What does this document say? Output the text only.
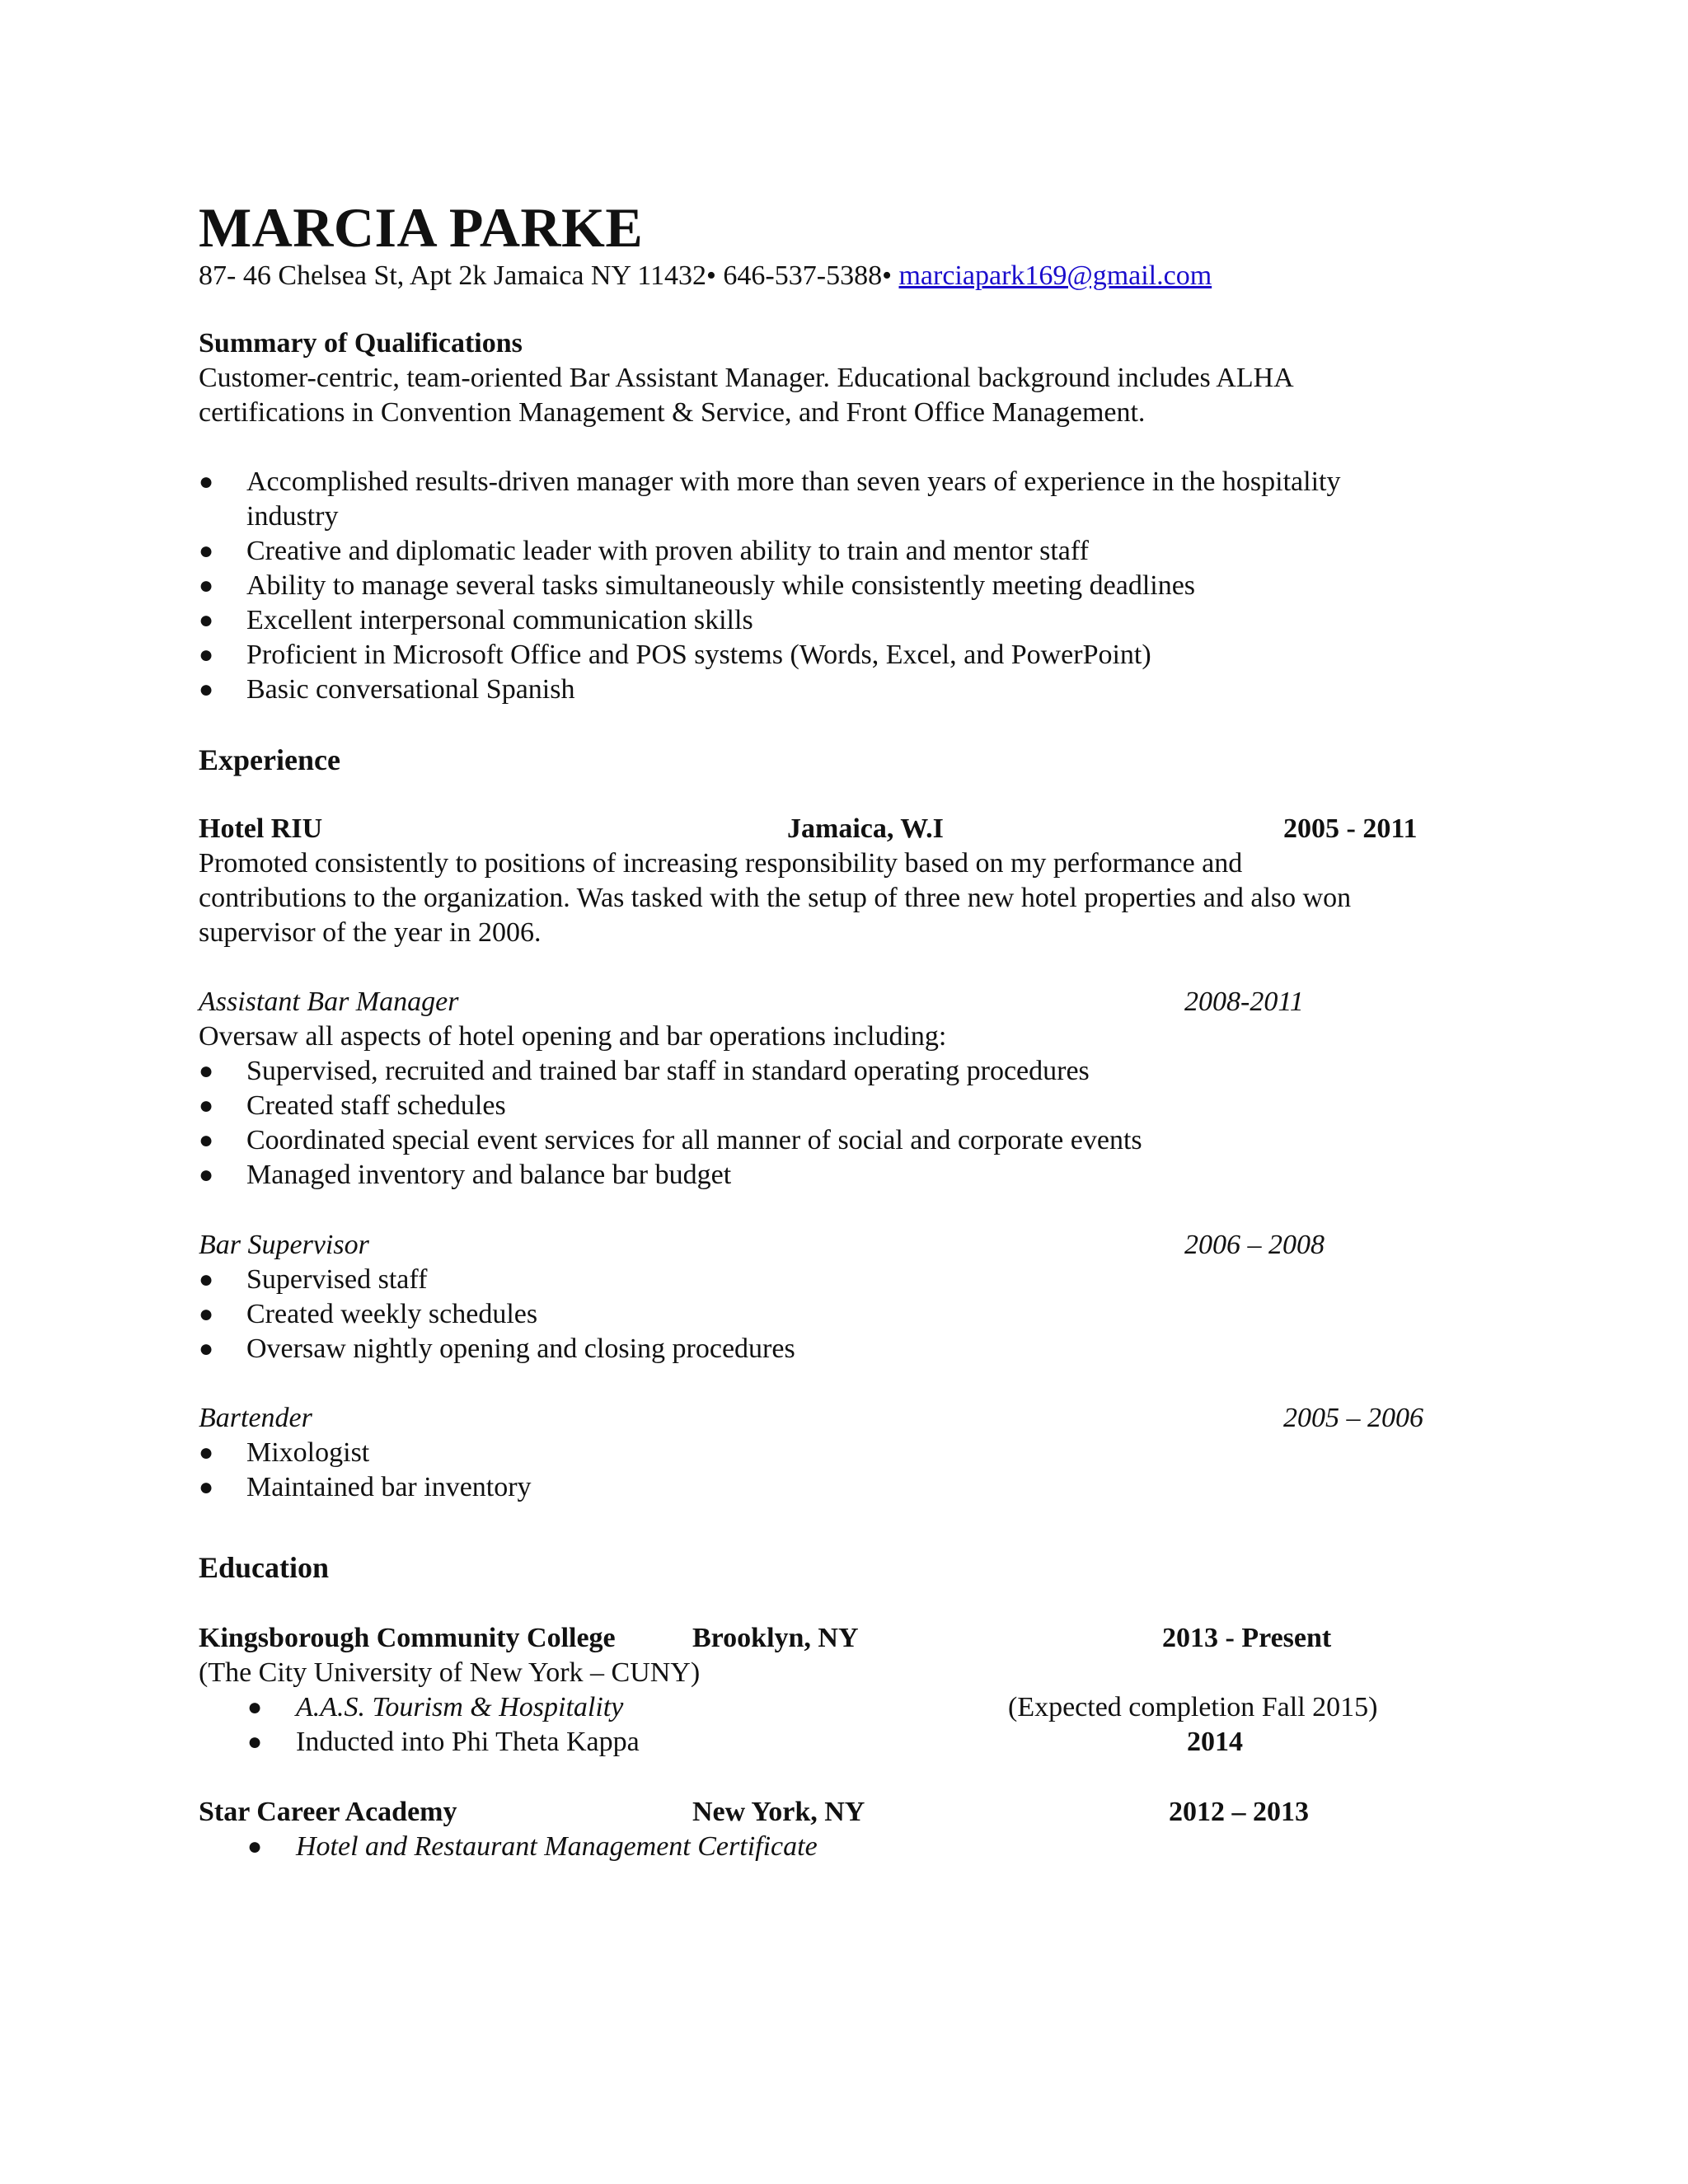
MARCIA PARKE
87- 46 Chelsea St, Apt 2k Jamaica NY 11432• 646-537-5388• marciapark169@gmail.com
Summary of Qualifications
Customer-centric, team-oriented Bar Assistant Manager. Educational background includes ALHA
certifications in Convention Management & Service, and Front Office Management.
● Accomplished results-driven manager with more than seven years of experience in the hospitality
industry
● Creative and diplomatic leader with proven ability to train and mentor staff
● Ability to manage several tasks simultaneously while consistently meeting deadlines
● Excellent interpersonal communication skills
● Proficient in Microsoft Office and POS systems (Words, Excel, and PowerPoint)
● Basic conversational Spanish
Experience
Hotel RIU	Jamaica, W.I	2005 - 2011
Promoted consistently to positions of increasing responsibility based on my performance and
contributions to the organization. Was tasked with the setup of three new hotel properties and also won
supervisor of the year in 2006.
Assistant Bar Manager	2008-2011
Oversaw all aspects of hotel opening and bar operations including:
● Supervised, recruited and trained bar staff in standard operating procedures
● Created staff schedules
● Coordinated special event services for all manner of social and corporate events
● Managed inventory and balance bar budget
Bar Supervisor	2006 – 2008
● Supervised staff
● Created weekly schedules
● Oversaw nightly opening and closing procedures
Bartender	2005 – 2006
● Mixologist
● Maintained bar inventory
Education
Kingsborough Community College	Brooklyn, NY	2013 - Present
(The City University of New York – CUNY)
● A.A.S. Tourism & Hospitality	(Expected completion Fall 2015)
● Inducted into Phi Theta Kappa	2014
Star Career Academy	New York, NY	2012 – 2013
● Hotel and Restaurant Management Certificate
